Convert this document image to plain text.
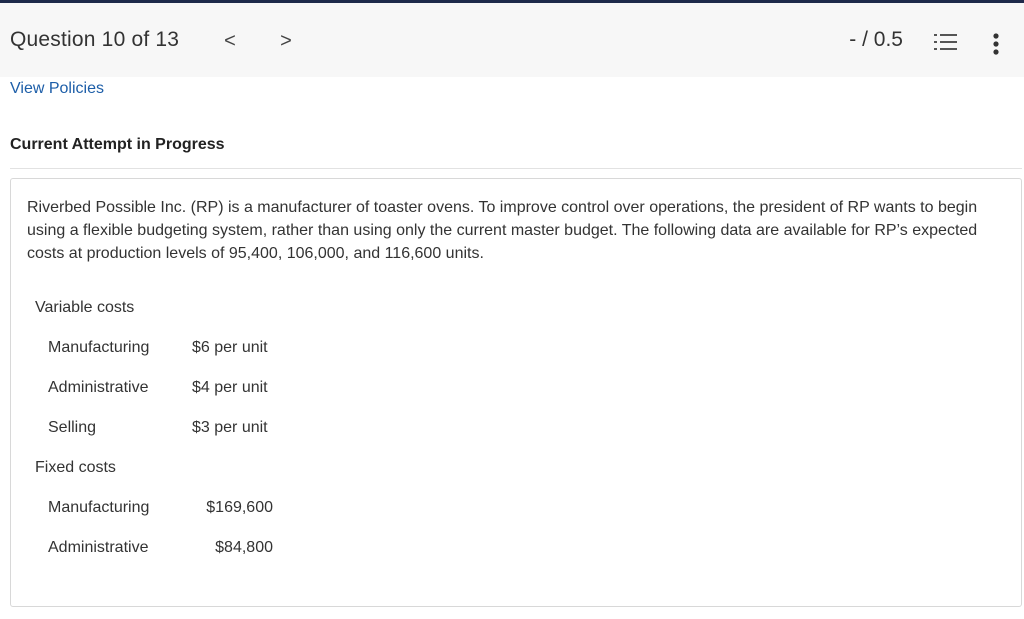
Question 10 of 13	<	>	- / 0.5
View Policies
Current Attempt in Progress
Riverbed Possible Inc. (RP) is a manufacturer of toaster ovens. To improve control over operations, the president of RP wants to begin using a flexible budgeting system, rather than using only the current master budget. The following data are available for RP’s expected costs at production levels of 95,400, 106,000, and 116,600 units.
Variable costs
Manufacturing	$6 per unit
Administrative	$4 per unit
Selling	$3 per unit
Fixed costs
Manufacturing	$169,600
Administrative	$84,800
